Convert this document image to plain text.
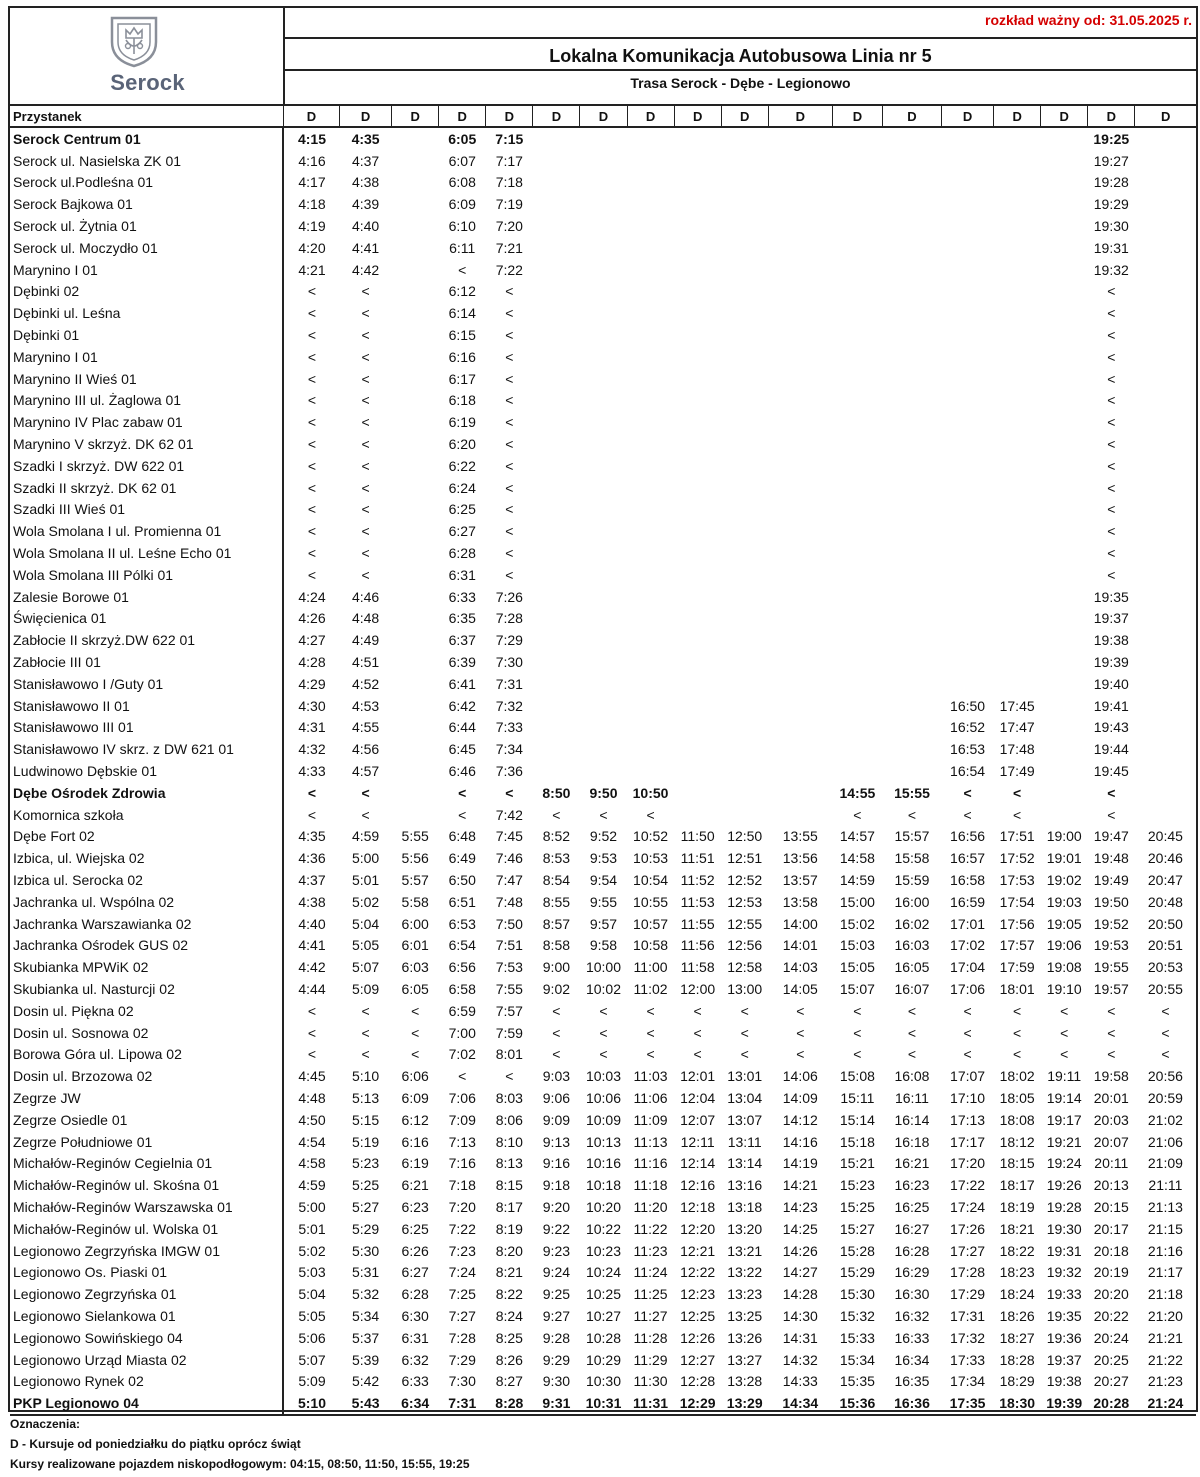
Serock
rozkład ważny od: 31.05.2025 r.
Lokalna Komunikacja Autobusowa Linia nr 5
Trasa Serock - Dębe - Legionowo
Przystanek	D	D	D	D	D	D	D	D	D	D	D	D	D	D	D	D	D	D
Serock Centrum 01	4:15	4:35		6:05	7:15												19:25	
Serock ul. Nasielska ZK 01	4:16	4:37		6:07	7:17												19:27	
Serock ul.Podleśna 01	4:17	4:38		6:08	7:18												19:28	
Serock Bajkowa 01	4:18	4:39		6:09	7:19												19:29	
Serock ul. Żytnia 01	4:19	4:40		6:10	7:20												19:30	
Serock ul. Moczydło 01	4:20	4:41		6:11	7:21												19:31	
Marynino I 01	4:21	4:42		<	7:22												19:32	
Dębinki 02	<	<		6:12	<												<	
Dębinki ul. Leśna	<	<		6:14	<												<	
Dębinki 01	<	<		6:15	<												<	
Marynino I 01	<	<		6:16	<												<	
Marynino II Wieś 01	<	<		6:17	<												<	
Marynino III ul. Żaglowa 01	<	<		6:18	<												<	
Marynino IV Plac zabaw 01	<	<		6:19	<												<	
Marynino V skrzyż. DK 62 01	<	<		6:20	<												<	
Szadki I skrzyż. DW 622 01	<	<		6:22	<												<	
Szadki II skrzyż. DK 62 01	<	<		6:24	<												<	
Szadki III Wieś 01	<	<		6:25	<												<	
Wola Smolana I ul. Promienna 01	<	<		6:27	<												<	
Wola Smolana II ul. Leśne Echo 01	<	<		6:28	<												<	
Wola Smolana III Pólki 01	<	<		6:31	<												<	
Zalesie Borowe 01	4:24	4:46		6:33	7:26												19:35	
Święcienica 01	4:26	4:48		6:35	7:28												19:37	
Zabłocie II skrzyż.DW 622 01	4:27	4:49		6:37	7:29												19:38	
Zabłocie III 01	4:28	4:51		6:39	7:30												19:39	
Stanisławowo I /Guty 01	4:29	4:52		6:41	7:31												19:40	
Stanisławowo II 01	4:30	4:53		6:42	7:32									16:50	17:45		19:41	
Stanisławowo III 01	4:31	4:55		6:44	7:33									16:52	17:47		19:43	
Stanisławowo IV skrz. z DW 621 01	4:32	4:56		6:45	7:34									16:53	17:48		19:44	
Ludwinowo Dębskie 01	4:33	4:57		6:46	7:36									16:54	17:49		19:45	
Dębe Ośrodek Zdrowia	<	<		<	<	8:50	9:50	10:50				14:55	15:55	<	<		<	
Komornica szkoła	<	<		<	7:42	<	<	<				<	<	<	<		<	
Dębe Fort 02	4:35	4:59	5:55	6:48	7:45	8:52	9:52	10:52	11:50	12:50	13:55	14:57	15:57	16:56	17:51	19:00	19:47	20:45
Izbica, ul. Wiejska 02	4:36	5:00	5:56	6:49	7:46	8:53	9:53	10:53	11:51	12:51	13:56	14:58	15:58	16:57	17:52	19:01	19:48	20:46
Izbica ul. Serocka 02	4:37	5:01	5:57	6:50	7:47	8:54	9:54	10:54	11:52	12:52	13:57	14:59	15:59	16:58	17:53	19:02	19:49	20:47
Jachranka ul. Wspólna 02	4:38	5:02	5:58	6:51	7:48	8:55	9:55	10:55	11:53	12:53	13:58	15:00	16:00	16:59	17:54	19:03	19:50	20:48
Jachranka Warszawianka 02	4:40	5:04	6:00	6:53	7:50	8:57	9:57	10:57	11:55	12:55	14:00	15:02	16:02	17:01	17:56	19:05	19:52	20:50
Jachranka Ośrodek GUS 02	4:41	5:05	6:01	6:54	7:51	8:58	9:58	10:58	11:56	12:56	14:01	15:03	16:03	17:02	17:57	19:06	19:53	20:51
Skubianka MPWiK 02	4:42	5:07	6:03	6:56	7:53	9:00	10:00	11:00	11:58	12:58	14:03	15:05	16:05	17:04	17:59	19:08	19:55	20:53
Skubianka ul. Nasturcji 02	4:44	5:09	6:05	6:58	7:55	9:02	10:02	11:02	12:00	13:00	14:05	15:07	16:07	17:06	18:01	19:10	19:57	20:55
Dosin ul. Piękna 02	<	<	<	6:59	7:57	<	<	<	<	<	<	<	<	<	<	<	<	<
Dosin ul. Sosnowa 02	<	<	<	7:00	7:59	<	<	<	<	<	<	<	<	<	<	<	<	<
Borowa Góra ul. Lipowa 02	<	<	<	7:02	8:01	<	<	<	<	<	<	<	<	<	<	<	<	<
Dosin ul. Brzozowa 02	4:45	5:10	6:06	<	<	9:03	10:03	11:03	12:01	13:01	14:06	15:08	16:08	17:07	18:02	19:11	19:58	20:56
Zegrze JW	4:48	5:13	6:09	7:06	8:03	9:06	10:06	11:06	12:04	13:04	14:09	15:11	16:11	17:10	18:05	19:14	20:01	20:59
Zegrze Osiedle 01	4:50	5:15	6:12	7:09	8:06	9:09	10:09	11:09	12:07	13:07	14:12	15:14	16:14	17:13	18:08	19:17	20:03	21:02
Zegrze Południowe 01	4:54	5:19	6:16	7:13	8:10	9:13	10:13	11:13	12:11	13:11	14:16	15:18	16:18	17:17	18:12	19:21	20:07	21:06
Michałów-Reginów Cegielnia 01	4:58	5:23	6:19	7:16	8:13	9:16	10:16	11:16	12:14	13:14	14:19	15:21	16:21	17:20	18:15	19:24	20:11	21:09
Michałów-Reginów ul. Skośna 01	4:59	5:25	6:21	7:18	8:15	9:18	10:18	11:18	12:16	13:16	14:21	15:23	16:23	17:22	18:17	19:26	20:13	21:11
Michałów-Reginów Warszawska 01	5:00	5:27	6:23	7:20	8:17	9:20	10:20	11:20	12:18	13:18	14:23	15:25	16:25	17:24	18:19	19:28	20:15	21:13
Michałów-Reginów ul. Wolska 01	5:01	5:29	6:25	7:22	8:19	9:22	10:22	11:22	12:20	13:20	14:25	15:27	16:27	17:26	18:21	19:30	20:17	21:15
Legionowo Zegrzyńska IMGW 01	5:02	5:30	6:26	7:23	8:20	9:23	10:23	11:23	12:21	13:21	14:26	15:28	16:28	17:27	18:22	19:31	20:18	21:16
Legionowo Os. Piaski 01	5:03	5:31	6:27	7:24	8:21	9:24	10:24	11:24	12:22	13:22	14:27	15:29	16:29	17:28	18:23	19:32	20:19	21:17
Legionowo Zegrzyńska 01	5:04	5:32	6:28	7:25	8:22	9:25	10:25	11:25	12:23	13:23	14:28	15:30	16:30	17:29	18:24	19:33	20:20	21:18
Legionowo Sielankowa 01	5:05	5:34	6:30	7:27	8:24	9:27	10:27	11:27	12:25	13:25	14:30	15:32	16:32	17:31	18:26	19:35	20:22	21:20
Legionowo Sowińskiego 04	5:06	5:37	6:31	7:28	8:25	9:28	10:28	11:28	12:26	13:26	14:31	15:33	16:33	17:32	18:27	19:36	20:24	21:21
Legionowo Urząd Miasta 02	5:07	5:39	6:32	7:29	8:26	9:29	10:29	11:29	12:27	13:27	14:32	15:34	16:34	17:33	18:28	19:37	20:25	21:22
Legionowo Rynek 02	5:09	5:42	6:33	7:30	8:27	9:30	10:30	11:30	12:28	13:28	14:33	15:35	16:35	17:34	18:29	19:38	20:27	21:23
PKP Legionowo 04	5:10	5:43	6:34	7:31	8:28	9:31	10:31	11:31	12:29	13:29	14:34	15:36	16:36	17:35	18:30	19:39	20:28	21:24
Oznaczenia:
D - Kursuje od poniedziałku do piątku oprócz świąt
Kursy realizowane pojazdem niskopodłogowym: 04:15, 08:50, 11:50, 15:55, 19:25
